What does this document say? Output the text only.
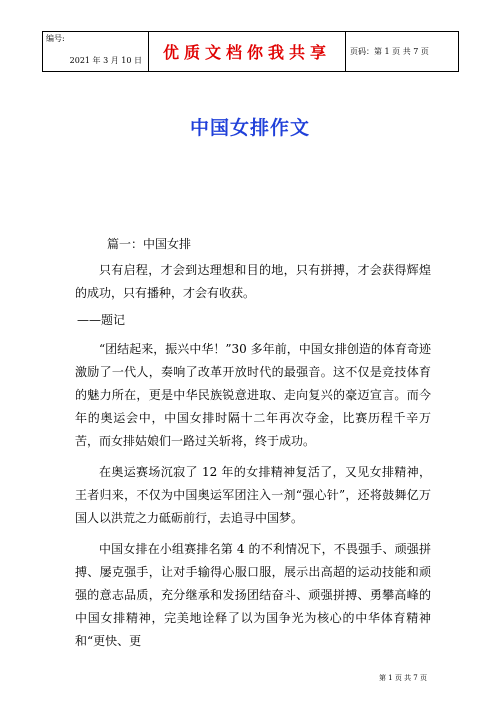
编号:
2021 年 3 月 10 日	优质文档你我共享	页码：第 1 页 共 7 页
中国女排作文

篇一：中国女排

只有启程，才会到达理想和目的地，只有拼搏，才会获得辉煌的成功，只有播种，才会有收获。

——题记

“团结起来，振兴中华！”30 多年前，中国女排创造的体育奇迹激励了一代人，奏响了改革开放时代的最强音。这不仅是竞技体育的魅力所在，更是中华民族锐意进取、走向复兴的豪迈宣言。而今年的奥运会中，中国女排时隔十二年再次夺金，比赛历程千辛万苦，而女排姑娘们一路过关斩将，终于成功。

在奥运赛场沉寂了 12 年的女排精神复活了，又见女排精神，王者归来，不仅为中国奥运军团注入一剂“强心针”，还将鼓舞亿万国人以洪荒之力砥砺前行，去追寻中国梦。

中国女排在小组赛排名第 4 的不利情况下，不畏强手、顽强拼搏、屡克强手，让对手输得心服口服，展示出高超的运动技能和顽强的意志品质，充分继承和发扬团结奋斗、顽强拼搏、勇攀高峰的中国女排精神，完美地诠释了以为国争光为核心的中华体育精神和“更快、更

第 1 页 共 7 页
